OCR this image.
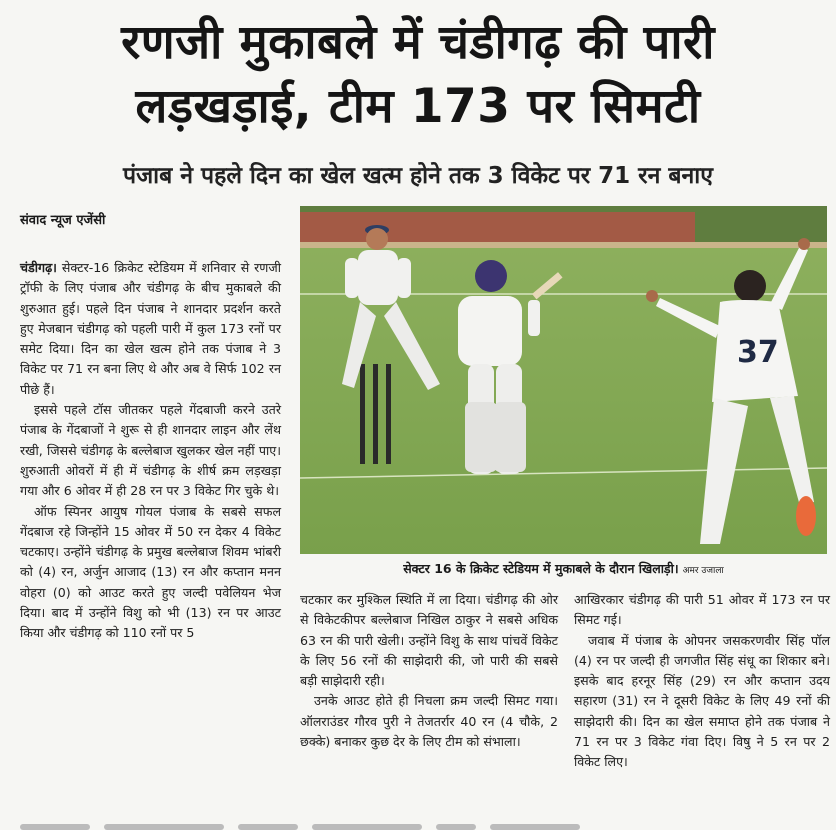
रणजी मुकाबले में चंडीगढ़ की पारी
लड़खड़ाई, टीम 173 पर सिमटी
पंजाब ने पहले दिन का खेल खत्म होने तक 3 विकेट पर 71 रन बनाए
संवाद न्यूज एजेंसी

चंडीगढ़। सेक्टर-16 क्रिकेट स्टेडियम में शनिवार से रणजी ट्रॉफी के लिए पंजाब और चंडीगढ़ के बीच मुकाबले की शुरुआत हुई। पहले दिन पंजाब ने शानदार प्रदर्शन करते हुए मेजबान चंडीगढ़ को पहली पारी में कुल 173 रनों पर समेट दिया। दिन का खेल खत्म होने तक पंजाब ने 3 विकेट पर 71 रन बना लिए थे और अब वे सिर्फ 102 रन पीछे हैं।

इससे पहले टॉस जीतकर पहले गेंदबाजी करने उतरे पंजाब के गेंदबाजों ने शुरू से ही शानदार लाइन और लेंथ रखी, जिससे चंडीगढ़ के बल्लेबाज खुलकर खेल नहीं पाए। शुरुआती ओवरों में ही में चंडीगढ़ के शीर्ष क्रम लड़खड़ा गया और 6 ओवर में ही 28 रन पर 3 विकेट गिर चुके थे।

ऑफ स्पिनर आयुष गोयल पंजाब के सबसे सफल गेंदबाज रहे जिन्होंने 15 ओवर में 50 रन देकर 4 विकेट चटकाए। उन्होंने चंडीगढ़ के प्रमुख बल्लेबाज शिवम भांबरी को (4) रन, अर्जुन आजाद (13) रन और कप्तान मनन वोहरा (0) को आउट करते हुए जल्दी पवेलियन भेज दिया। बाद में उन्होंने विशु को भी (13) रन पर आउट किया और चंडीगढ़ को 110 रनों पर 5

37
सेक्टर 16 के क्रिकेट स्टेडियम में मुकाबले के दौरान खिलाड़ी। अमर उजाला

चटकार कर मुश्किल स्थिति में ला दिया। चंडीगढ़ की ओर से विकेटकीपर बल्लेबाज निखिल ठाकुर ने सबसे अधिक 63 रन की पारी खेली। उन्होंने विशु के साथ पांचवें विकेट के लिए 56 रनों की साझेदारी की, जो पारी की सबसे बड़ी साझेदारी रही।

उनके आउट होते ही निचला क्रम जल्दी सिमट गया। ऑलराउंडर गौरव पुरी ने तेजतर्रार 40 रन (4 चौके, 2 छक्के) बनाकर कुछ देर के लिए टीम को संभाला।

आखिरकार चंडीगढ़ की पारी 51 ओवर में 173 रन पर सिमट गई।

जवाब में पंजाब के ओपनर जसकरणवीर सिंह पॉल (4) रन पर जल्दी ही जगजीत सिंह संधू का शिकार बने। इसके बाद हरनूर सिंह (29) रन और कप्तान उदय सहारण (31) रन ने दूसरी विकेट के लिए 49 रनों की साझेदारी की। दिन का खेल समाप्त होने तक पंजाब ने 71 रन पर 3 विकेट गंवा दिए। विषु ने 5 रन पर 2 विकेट लिए।
